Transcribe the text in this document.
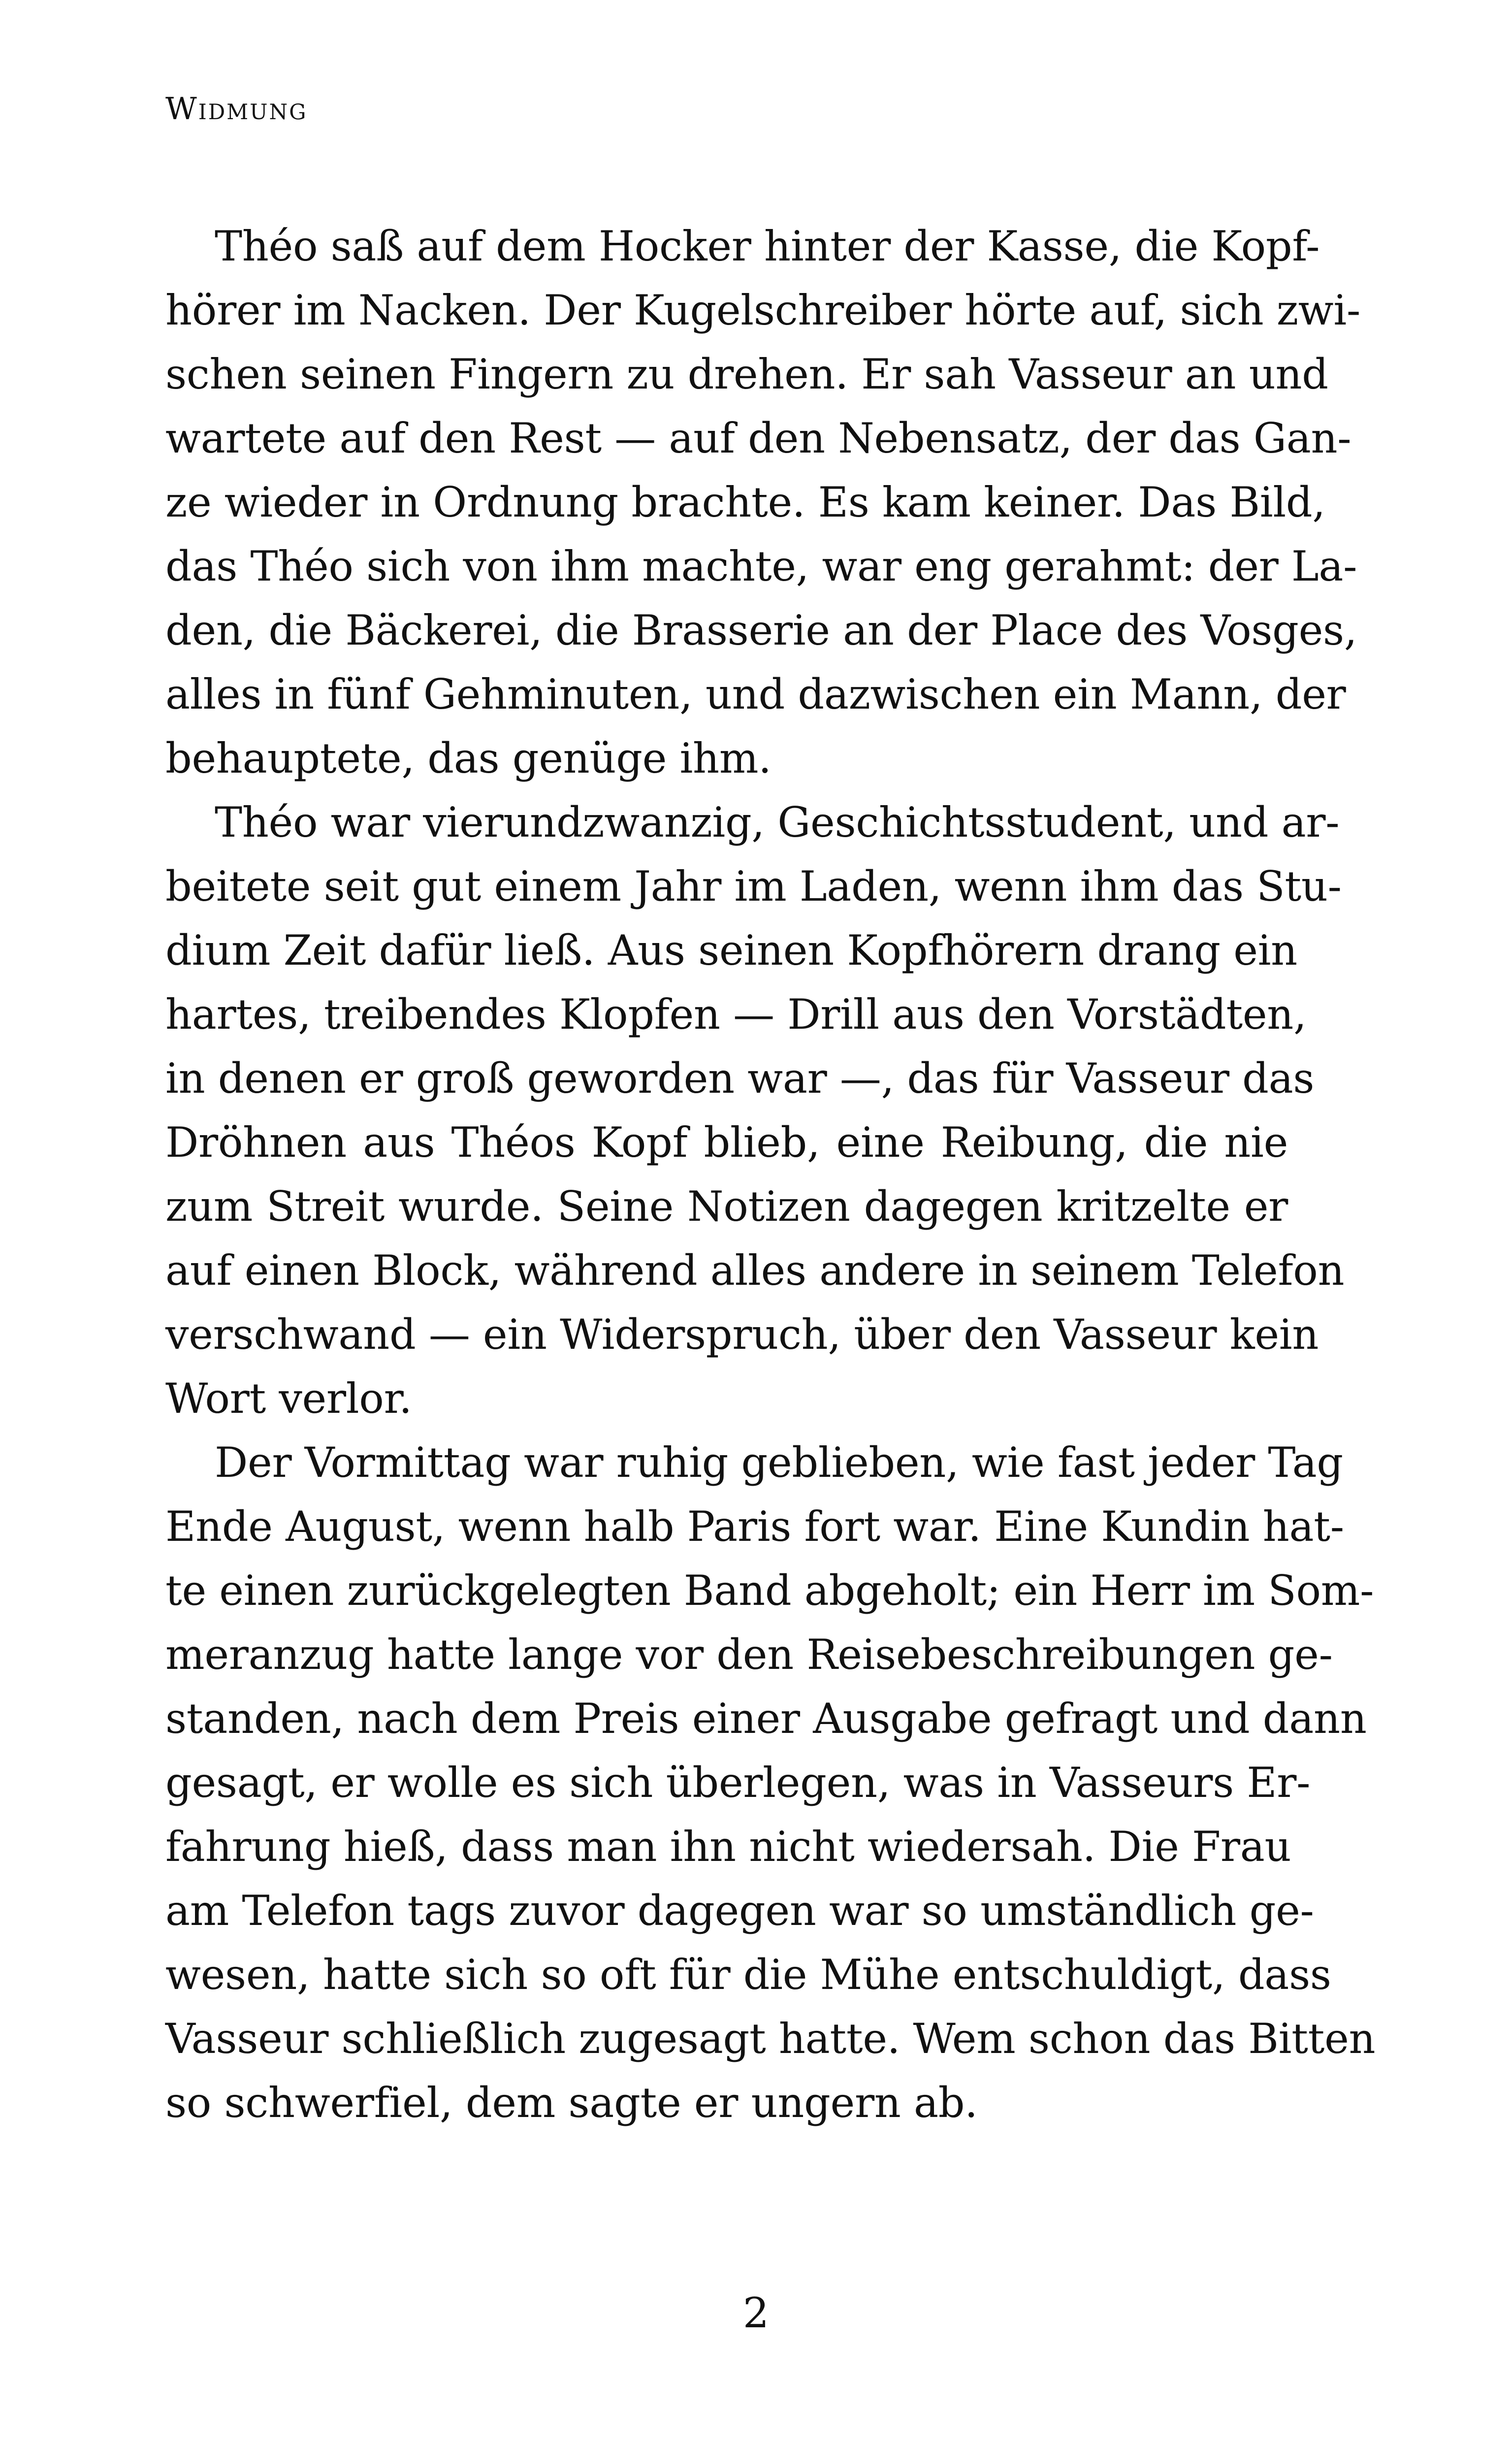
Widmung
Théo saß auf dem Hocker hinter der Kasse, die Kopf-
hörer im Nacken. Der Kugelschreiber hörte auf, sich zwi-
schen seinen Fingern zu drehen. Er sah Vasseur an und
wartete auf den Rest — auf den Nebensatz, der das Gan-
ze wieder in Ordnung brachte. Es kam keiner. Das Bild,
das Théo sich von ihm machte, war eng gerahmt: der La-
den, die Bäckerei, die Brasserie an der Place des Vosges,
alles in fünf Gehminuten, und dazwischen ein Mann, der
behauptete, das genüge ihm.
Théo war vierundzwanzig, Geschichtsstudent, und ar-
beitete seit gut einem Jahr im Laden, wenn ihm das Stu-
dium Zeit dafür ließ. Aus seinen Kopfhörern drang ein
hartes, treibendes Klopfen — Drill aus den Vorstädten,
in denen er groß geworden war —, das für Vasseur das
Dröhnen aus Théos Kopf blieb, eine Reibung, die nie
zum Streit wurde. Seine Notizen dagegen kritzelte er
auf einen Block, während alles andere in seinem Telefon
verschwand — ein Widerspruch, über den Vasseur kein
Wort verlor.
Der Vormittag war ruhig geblieben, wie fast jeder Tag
Ende August, wenn halb Paris fort war. Eine Kundin hat-
te einen zurückgelegten Band abgeholt; ein Herr im Som-
meranzug hatte lange vor den Reisebeschreibungen ge-
standen, nach dem Preis einer Ausgabe gefragt und dann
gesagt, er wolle es sich überlegen, was in Vasseurs Er-
fahrung hieß, dass man ihn nicht wiedersah. Die Frau
am Telefon tags zuvor dagegen war so umständlich ge-
wesen, hatte sich so oft für die Mühe entschuldigt, dass
Vasseur schließlich zugesagt hatte. Wem schon das Bitten
so schwerfiel, dem sagte er ungern ab.
2
